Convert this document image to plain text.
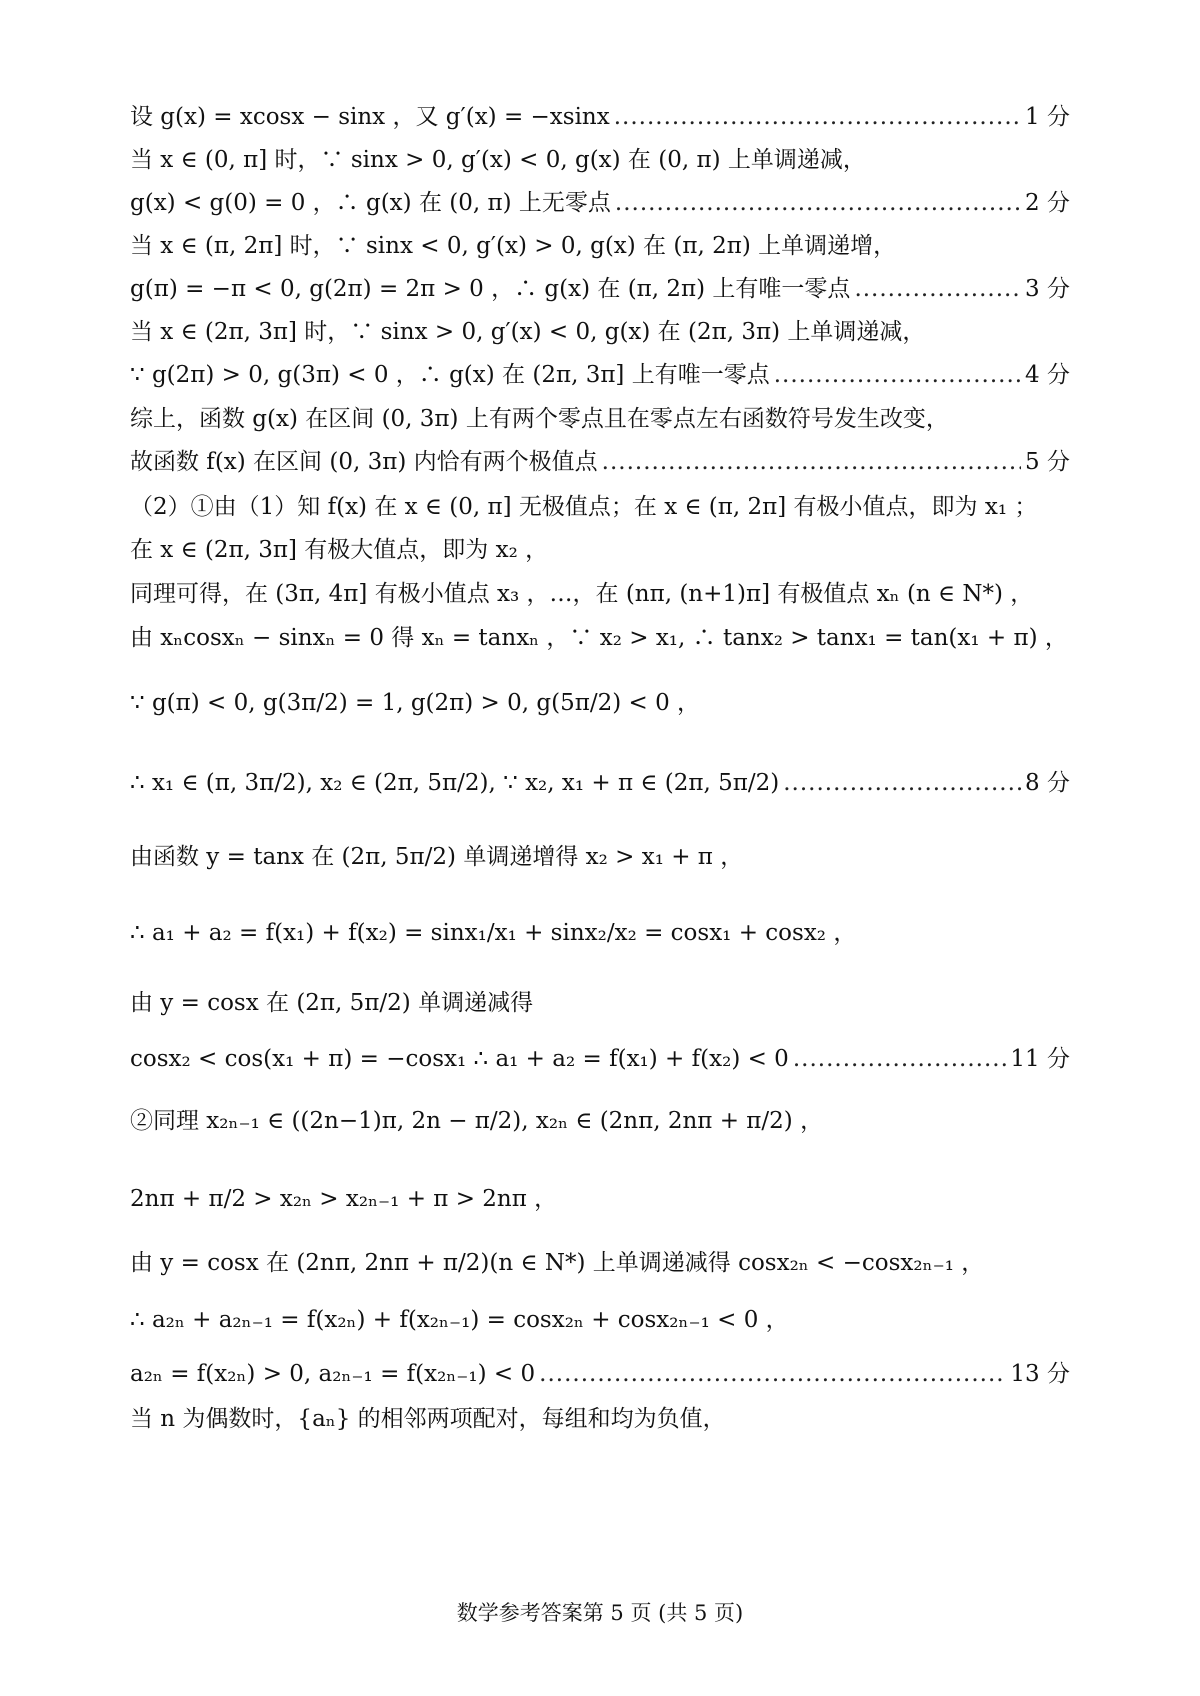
设 g(x) = xcosx − sinx ，又 g′(x) = −xsinx .....	1 分
当 x ∈ (0, π] 时，∵ sinx > 0, g′(x) < 0, g(x) 在 (0, π) 上单调递减，
g(x) < g(0) = 0 ，∴ g(x) 在 (0, π) 上无零点 .....	2 分
当 x ∈ (π, 2π] 时，∵ sinx < 0, g′(x) > 0, g(x) 在 (π, 2π) 上单调递增，
g(π) = −π < 0, g(2π) = 2π > 0 ，∴ g(x) 在 (π, 2π) 上有唯一零点 .....	3 分
当 x ∈ (2π, 3π] 时，∵ sinx > 0, g′(x) < 0, g(x) 在 (2π, 3π) 上单调递减，
∵ g(2π) > 0, g(3π) < 0 ，∴ g(x) 在 (2π, 3π] 上有唯一零点 .....	4 分
综上，函数 g(x) 在区间 (0, 3π) 上有两个零点且在零点左右函数符号发生改变，
故函数 f(x) 在区间 (0, 3π) 内恰有两个极值点 .....	5 分
（2）①由（1）知 f(x) 在 x ∈ (0, π] 无极值点；在 x ∈ (π, 2π] 有极小值点，即为 x₁ ；
在 x ∈ (2π, 3π] 有极大值点，即为 x₂ ，
同理可得，在 (3π, 4π] 有极小值点 x₃ ，…，在 (nπ, (n+1)π] 有极值点 xₙ (n ∈ N*) ，
由 xₙcosxₙ − sinxₙ = 0 得 xₙ = tanxₙ ，∵ x₂ > x₁, ∴ tanx₂ > tanx₁ = tan(x₁ + π) ，
∵ g(π) < 0, g(3π/2) = 1, g(2π) > 0, g(5π/2) < 0 ，
∴ x₁ ∈ (π, 3π/2), x₂ ∈ (2π, 5π/2), ∵ x₂, x₁ + π ∈ (2π, 5π/2) .....	8 分
由函数 y = tanx 在 (2π, 5π/2) 单调递增得 x₂ > x₁ + π ，
∴ a₁ + a₂ = f(x₁) + f(x₂) = sinx₁/x₁ + sinx₂/x₂ = cosx₁ + cosx₂ ，
由 y = cosx 在 (2π, 5π/2) 单调递减得
cosx₂ < cos(x₁ + π) = −cosx₁ ∴ a₁ + a₂ = f(x₁) + f(x₂) < 0 .....	11 分
②同理 x₂ₙ₋₁ ∈ ((2n−1)π, 2n − π/2), x₂ₙ ∈ (2nπ, 2nπ + π/2) ，
2nπ + π/2 > x₂ₙ > x₂ₙ₋₁ + π > 2nπ ，
由 y = cosx 在 (2nπ, 2nπ + π/2)(n ∈ N*) 上单调递减得 cosx₂ₙ < −cosx₂ₙ₋₁ ，
∴ a₂ₙ + a₂ₙ₋₁ = f(x₂ₙ) + f(x₂ₙ₋₁) = cosx₂ₙ + cosx₂ₙ₋₁ < 0 ，
a₂ₙ = f(x₂ₙ) > 0, a₂ₙ₋₁ = f(x₂ₙ₋₁) < 0 .....	13 分
当 n 为偶数时，{aₙ} 的相邻两项配对，每组和均为负值，
数学参考答案第 5 页 (共 5 页)
